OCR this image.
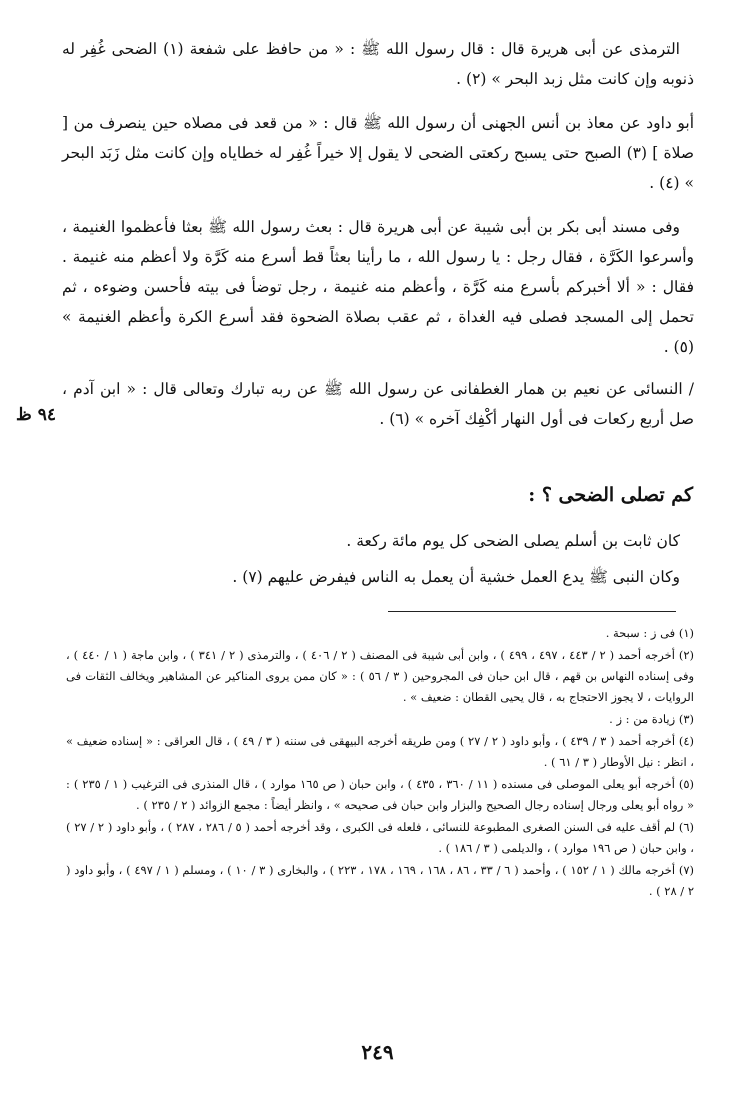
الترمذى عن أبى هريرة قال : قال رسول الله ﷺ : « من حافظ على شفعة (١) الضحى غُفِر له ذنوبه وإن كانت مثل زبد البحر » (٢) .

أبو داود عن معاذ بن أنس الجهنى أن رسول الله ﷺ قال : « من قعد فى مصلاه حين ينصرف من [ صلاة ] (٣) الصبح حتى يسبح ركعتى الضحى لا يقول إلا خيراً غُفِر له خطاياه وإن كانت مثل زَبَد البحر » (٤) .

وفى مسند أبى بكر بن أبى شيبة عن أبى هريرة قال : بعث رسول الله ﷺ بعثا فأعظموا الغنيمة ، وأسرعوا الكَرَّة ، فقال رجل : يا رسول الله ، ما رأينا بعثاً قط أسرع منه كَرَّة ولا أعظم منه غنيمة . فقال : « ألا أخبركم بأسرع منه كَرَّة ، وأعظم منه غنيمة ، رجل توضأ فى بيته فأحسن وضوءه ، ثم تحمل إلى المسجد فصلى فيه الغداة ، ثم عقب بصلاة الضحوة فقد أسرع الكرة وأعظم الغنيمة » (٥) .

/ النسائى عن نعيم بن همار الغطفانى عن رسول الله ﷺ عن ربه تبارك وتعالى قال : « ابن آدم ، صل أربع ركعات فى أول النهار أكْفِك آخره » (٦) .

٩٤ ظ
كم تصلى الضحى ؟ :

كان ثابت بن أسلم يصلى الضحى كل يوم مائة ركعة .

وكان النبى ﷺ يدع العمل خشية أن يعمل به الناس فيفرض عليهم (٧) .

(١) فى ز : سبحة .

(٢) أخرجه أحمد ( ٢ / ٤٤٣ ، ٤٩٧ ، ٤٩٩ ) ، وابن أبى شيبة فى المصنف ( ٢ / ٤٠٦ ) ، والترمذى ( ٢ / ٣٤١ ) ، وابن ماجة ( ١ / ٤٤٠ ) ، وفى إسناده النهاس بن قهم ، قال ابن حبان فى المجروحين ( ٣ / ٥٦ ) : « كان ممن يروى المناكير عن المشاهير ويخالف الثقات فى الروايات ، لا يجوز الاحتجاج به ، قال يحيى القطان : ضعيف » .

(٣) زيادة من : ز .

(٤) أخرجه أحمد ( ٣ / ٤٣٩ ) ، وأبو داود ( ٢ / ٢٧ ) ومن طريقه أخرجه البيهقى فى سننه ( ٣ / ٤٩ ) ، قال العراقى : « إسناده ضعيف » ، انظر : نيل الأوطار ( ٣ / ٦١ ) .

(٥) أخرجه أبو يعلى الموصلى فى مسنده ( ١١ / ٣٦٠ ، ٤٣٥ ) ، وابن حبان ( ص ١٦٥ موارد ) ، قال المنذرى فى الترغيب ( ١ / ٢٣٥ ) : « رواه أبو يعلى ورجال إسناده رجال الصحيح والبزار وابن حبان فى صحيحه » ، وانظر أيضاً : مجمع الزوائد ( ٢ / ٢٣٥ ) .

(٦) لم أقف عليه فى السنن الصغرى المطبوعة للنسائى ، فلعله فى الكبرى ، وقد أخرجه أحمد ( ٥ / ٢٨٦ ، ٢٨٧ ) ، وأبو داود ( ٢ / ٢٧ ) ، وابن حبان ( ص ١٩٦ موارد ) ، والديلمى ( ٣ / ١٨٦ ) .

(٧) أخرجه مالك ( ١ / ١٥٢ ) ، وأحمد ( ٦ / ٣٣ ، ٨٦ ، ١٦٨ ، ١٦٩ ، ١٧٨ ، ٢٢٣ ) ، والبخارى ( ٣ / ١٠ ) ، ومسلم ( ١ / ٤٩٧ ) ، وأبو داود ( ٢ / ٢٨ ) .

٢٤٩
